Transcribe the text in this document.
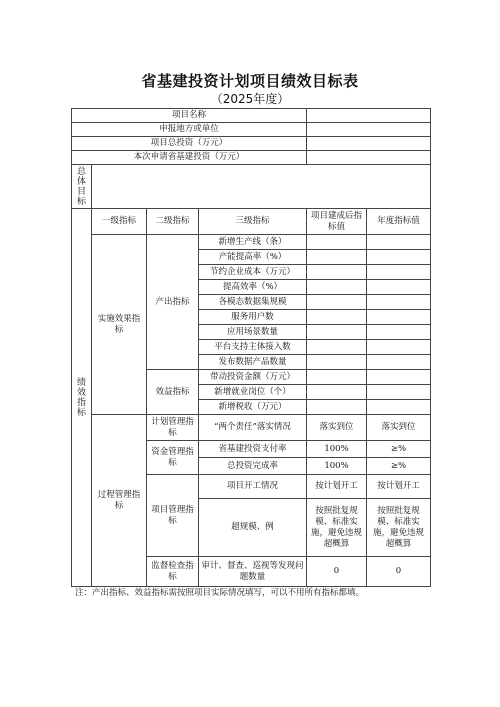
省基建投资计划项目绩效目标表
（2025年度）
项目名称					
申报地方或单位					
项目总投资（万元）					
本次申请省基建投资（万元）					

总体目标					

绩效指标	一级指标	二级指标	三级指标	项目建成后指标值	年度指标值
	实施效果指标	产出指标	新增生产线（条）		
			产能提高率（%）		
			节约企业成本（万元）		
			提高效率（%）		
			各模态数据集规模		
			服务用户数		
			应用场景数量		
			平台支持主体接入数		
			发布数据产品数量		
		效益指标	带动投资金额（万元）		
			新增就业岗位（个）		
			新增税收（万元）		
	过程管理指标	计划管理指标	“两个责任”落实情况	落实到位	落实到位

		资金管理指标	省基建投资支付率	100%	≥%
			总投资完成率	100%	≥%
		项目管理指标	项目开工情况	按计划开工	按计划开工
			超规模、例	按照批复规模、标准实施，避免违规超概算	按照批复规模、标准实施，避免违规超概算
		监督检查指标	审计、督查、巡视等发现问题数量	0	0
注：产出指标、效益指标需按照项目实际情况填写，可以不用所有指标都填。
